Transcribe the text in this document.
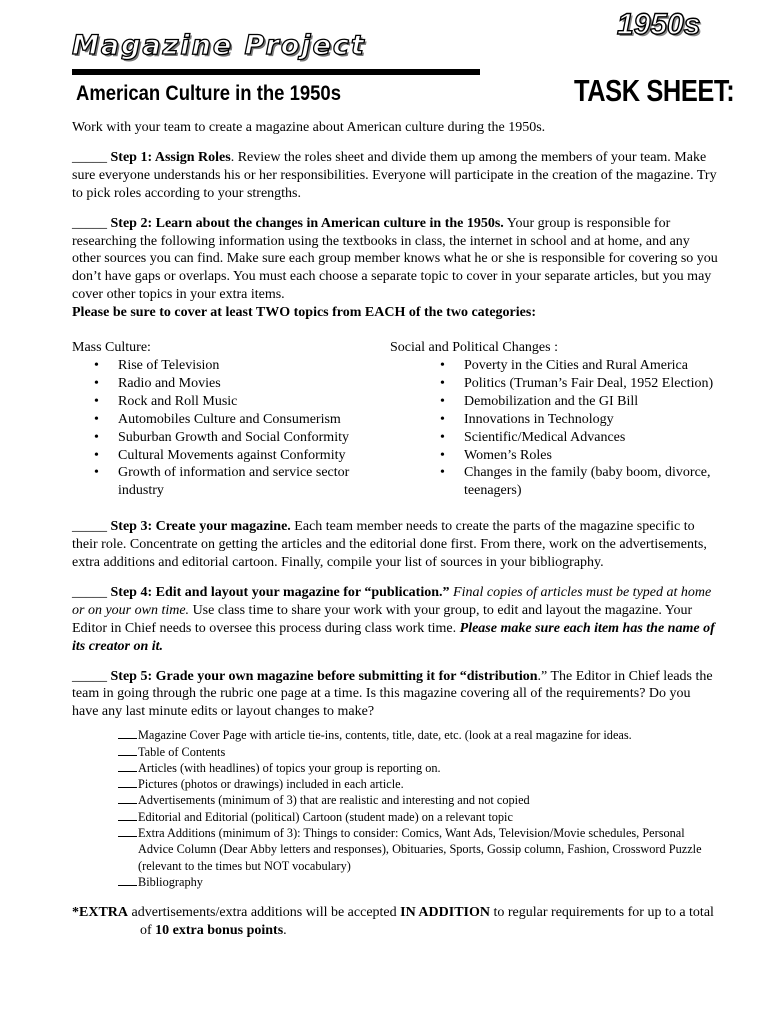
Magazine Project
1950s
American Culture in the 1950s	TASK SHEET:

Work with your team to create a magazine about American culture during the 1950s.

_____ Step 1: Assign Roles. Review the roles sheet and divide them up among the members of your team. Make sure everyone understands his or her responsibilities. Everyone will participate in the creation of the magazine. Try to pick roles according to your strengths.

_____ Step 2: Learn about the changes in American culture in the 1950s. Your group is responsible for researching the following information using the textbooks in class, the internet in school and at home, and any other sources you can find. Make sure each group member knows what he or she is responsible for covering so you don’t have gaps or overlaps. You must each choose a separate topic to cover in your separate articles, but you may cover other topics in your extra items.

Please be sure to cover at least TWO topics from EACH of the two categories:

Mass Culture:

• Rise of Television
• Radio and Movies
• Rock and Roll Music
• Automobiles Culture and Consumerism
• Suburban Growth and Social Conformity
• Cultural Movements against Conformity
• Growth of information and service sector industry

Social and Political Changes :

• Poverty in the Cities and Rural America
• Politics (Truman’s Fair Deal, 1952 Election)
• Demobilization and the GI Bill
• Innovations in Technology
• Scientific/Medical Advances
• Women’s Roles
• Changes in the family (baby boom, divorce, teenagers)

_____ Step 3: Create your magazine. Each team member needs to create the parts of the magazine specific to their role. Concentrate on getting the articles and the editorial done first. From there, work on the advertisements, extra additions and editorial cartoon. Finally, compile your list of sources in your bibliography.

_____ Step 4: Edit and layout your magazine for “publication.” Final copies of articles must be typed at home or on your own time. Use class time to share your work with your group, to edit and layout the magazine. Your Editor in Chief needs to oversee this process during class work time. Please make sure each item has the name of its creator on it.

_____ Step 5: Grade your own magazine before submitting it for “distribution.” The Editor in Chief leads the team in going through the rubric one page at a time. Is this magazine covering all of the requirements? Do you have any last minute edits or layout changes to make?

Magazine Cover Page with article tie-ins, contents, title, date, etc. (look at a real magazine for ideas.
Table of Contents
Articles (with headlines) of topics your group is reporting on.
Pictures (photos or drawings) included in each article.
Advertisements (minimum of 3) that are realistic and interesting and not copied
Editorial and Editorial (political) Cartoon (student made) on a relevant topic
Extra Additions (minimum of 3): Things to consider: Comics, Want Ads, Television/Movie schedules, Personal Advice Column (Dear Abby letters and responses), Obituaries, Sports, Gossip column, Fashion, Crossword Puzzle (relevant to the times but NOT vocabulary)
Bibliography

*EXTRA advertisements/extra additions will be accepted IN ADDITION to regular requirements for up to a total of 10 extra bonus points.
